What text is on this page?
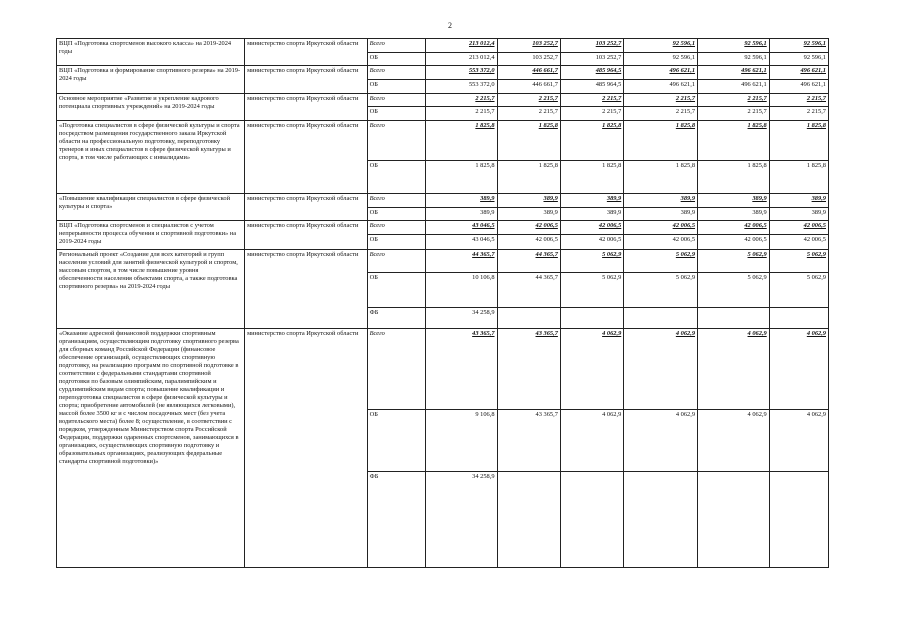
2
ВЦП «Подготовка спортсменов высокого класса» на 2019-2024 годы	министерство спорта Иркутской области	Всего	213 012,4	103 252,7	103 252,7	92 596,1	92 596,1	92 596,1
		ОБ	213 012,4	103 252,7	103 252,7	92 596,1	92 596,1	92 596,1
ВЦП «Подготовка и формирование спортивного резерва» на 2019-2024 годы	министерство спорта Иркутской области	Всего	553 372,0	446 661,7	485 964,5	496 621,1	496 621,1	496 621,1
		ОБ	553 372,0	446 661,7	485 964,5	496 621,1	496 621,1	496 621,1
Основное мероприятие «Развитие и укрепление кадрового потенциала спортивных учреждений» на 2019-2024 годы	министерство спорта Иркутской области	Всего	2 215,7	2 215,7	2 215,7	2 215,7	2 215,7	2 215,7
		ОБ	2 215,7	2 215,7	2 215,7	2 215,7	2 215,7	2 215,7
«Подготовка специалистов в сфере физической культуры и спорта посредством размещения государственного заказа Иркутской области на профессиональную подготовку, переподготовку тренеров и иных специалистов в сфере физической культуры и спорта, в том числе работающих с инвалидами»	министерство спорта Иркутской области	Всего	1 825,8	1 825,8	1 825,8	1 825,8	1 825,8	1 825,8
		ОБ	1 825,8	1 825,8	1 825,8	1 825,8	1 825,8	1 825,8
«Повышение квалификации специалистов в сфере физической культуры и спорта»	министерство спорта Иркутской области	Всего	389,9	389,9	389,9	389,9	389,9	389,9
		ОБ	389,9	389,9	389,9	389,9	389,9	389,9
ВЦП «Подготовка спортсменов и специалистов с учетом непрерывности процесса обучения и спортивной подготовки» на 2019-2024 годы	министерство спорта Иркутской области	Всего	43 046,5	42 006,5	42 006,5	42 006,5	42 006,5	42 006,5
		ОБ	43 046,5	42 006,5	42 006,5	42 006,5	42 006,5	42 006,5
Региональный проект «Создание для всех категорий и групп населения условий для занятий физической культурой и спортом, массовым спортом, в том числе повышение уровня обеспеченности населения объектами спорта, а также подготовка спортивного резерва» на 2019-2024 годы	министерство спорта Иркутской области	Всего	44 365,7	44 365,7	5 062,9	5 062,9	5 062,9	5 062,9
		ОБ	10 106,8	44 365,7	5 062,9	5 062,9	5 062,9	5 062,9
		ФБ	34 258,9					
«Оказание адресной финансовой поддержки спортивным организациям, осуществляющим подготовку спортивного резерва для сборных команд Российской Федерации (финансовое обеспечение организаций, осуществляющих спортивную подготовку, на реализацию программ по спортивной подготовке в соответствии с федеральными стандартами спортивной подготовки по базовым олимпийским, паралимпийским и сурдлимпийским видам спорта; повышение квалификации и переподготовка специалистов в сфере физической культуры и спорта; приобретение автомобилей (не являющихся легковыми), массой более 3500 кг и с числом посадочных мест (без учета водительского места) более 8; осуществление, в соответствии с порядком, утвержденным Министерством спорта Российской Федерации, поддержки одаренных спортсменов, занимающихся в организациях, осуществляющих спортивную подготовку и образовательных организациях, реализующих федеральные стандарты спортивной подготовки)»	министерство спорта Иркутской области	Всего	43 365,7	43 365,7	4 062,9	4 062,9	4 062,9	4 062,9
		ОБ	9 106,8	43 365,7	4 062,9	4 062,9	4 062,9	4 062,9
		ФБ	34 258,9					
